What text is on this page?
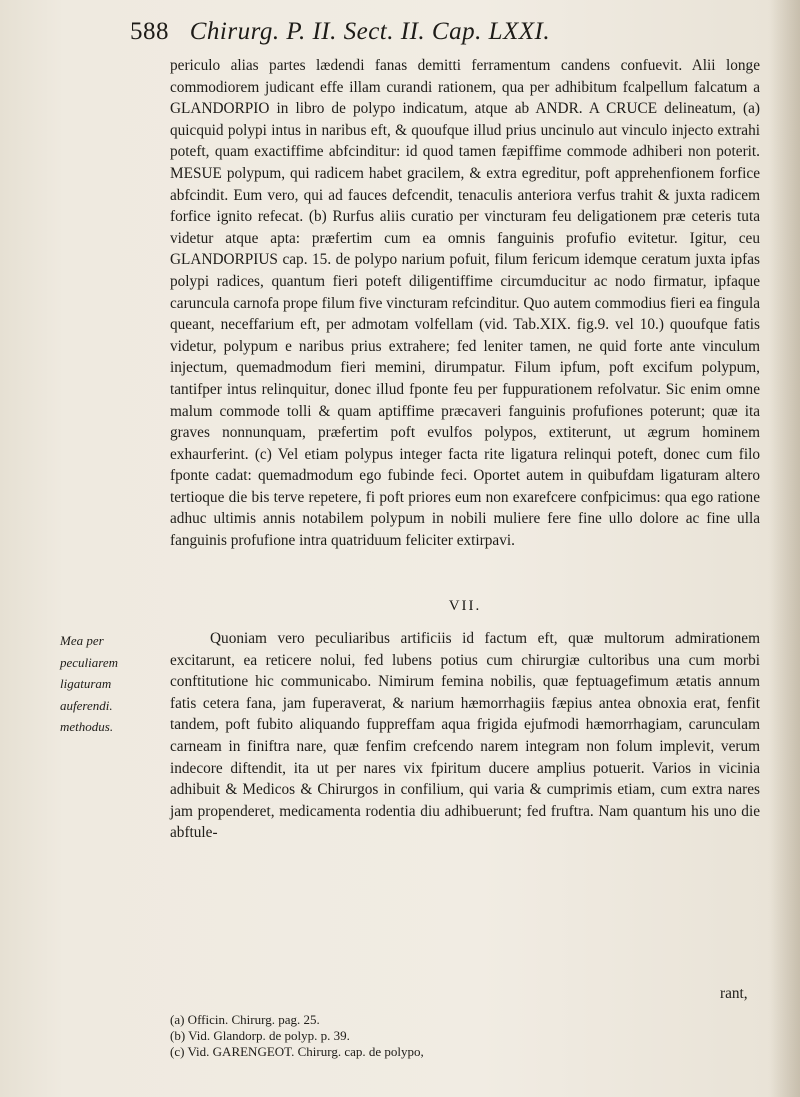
588 Chirurg. P. II. Sect. II. Cap. LXXI.

periculo alias partes lædendi fanas demitti ferramentum candens confuevit. Alii longe commodiorem judicant effe illam curandi rationem, qua per adhibitum fcalpellum falcatum a GLANDORPIO in libro de polypo indicatum, atque ab ANDR. A CRUCE delineatum, (a) quicquid polypi intus in naribus eft, & quoufque illud prius uncinulo aut vinculo injecto extrahi poteft, quam exactiffime abfcinditur: id quod tamen fæpiffime commode adhiberi non poterit. MESUE polypum, qui radicem habet gracilem, & extra egreditur, poft apprehenfionem forfice abfcindit. Eum vero, qui ad fauces defcendit, tenaculis anteriora verfus trahit & juxta radicem forfice ignito refecat. (b) Rurfus aliis curatio per vincturam feu deligationem præ ceteris tuta videtur atque apta: præfertim cum ea omnis fanguinis profufio evitetur. Igitur, ceu GLANDORPIUS cap. 15. de polypo narium pofuit, filum fericum idemque ceratum juxta ipfas polypi radices, quantum fieri poteft diligentiffime circumducitur ac nodo firmatur, ipfaque caruncula carnofa prope filum five vincturam refcinditur. Quo autem commodius fieri ea fingula queant, neceffarium eft, per admotam volfellam (vid. Tab.XIX. fig.9. vel 10.) quoufque fatis videtur, polypum e naribus prius extrahere; fed leniter tamen, ne quid forte ante vinculum injectum, quemadmodum fieri memini, dirumpatur. Filum ipfum, poft excifum polypum, tantifper intus relinquitur, donec illud fponte feu per fuppurationem refolvatur. Sic enim omne malum commode tolli & quam aptiffime præcaveri fanguinis profufiones poterunt; quæ ita graves nonnunquam, præfertim poft evulfos polypos, extiterunt, ut ægrum hominem exhaurferint. (c) Vel etiam polypus integer facta rite ligatura relinqui poteft, donec cum filo fponte cadat: quemadmodum ego fubinde feci. Oportet autem in quibufdam ligaturam altero tertioque die bis terve repetere, fi poft priores eum non exarefcere confpicimus: qua ego ratione adhuc ultimis annis notabilem polypum in nobili muliere fere fine ullo dolore ac fine ulla fanguinis profufione intra quatriduum feliciter extirpavi.

VII.
Mea per
peculiarem
ligaturam
auferendi.
methodus.

Quoniam vero peculiaribus artificiis id factum eft, quæ multorum admirationem excitarunt, ea reticere nolui, fed lubens potius cum chirurgiæ cultoribus una cum morbi conftitutione hic communicabo. Nimirum femina nobilis, quæ feptuagefimum ætatis annum fatis cetera fana, jam fuperaverat, & narium hæmorrhagiis fæpius antea obnoxia erat, fenfit tandem, poft fubito aliquando fuppreffam aqua frigida ejufmodi hæmorrhagiam, carunculam carneam in finiftra nare, quæ fenfim crefcendo narem integram non folum implevit, verum indecore diftendit, ita ut per nares vix fpiritum ducere amplius potuerit. Varios in vicinia adhibuit & Medicos & Chirurgos in confilium, qui varia & cumprimis etiam, cum extra nares jam propenderet, medicamenta rodentia diu adhibuerunt; fed fruftra. Nam quantum his uno die abftule-

rant,
(a) Officin. Chirurg. pag. 25.
(b) Vid. Glandorp. de polyp. p. 39.
(c) Vid. GARENGEOT. Chirurg. cap. de polypo,
